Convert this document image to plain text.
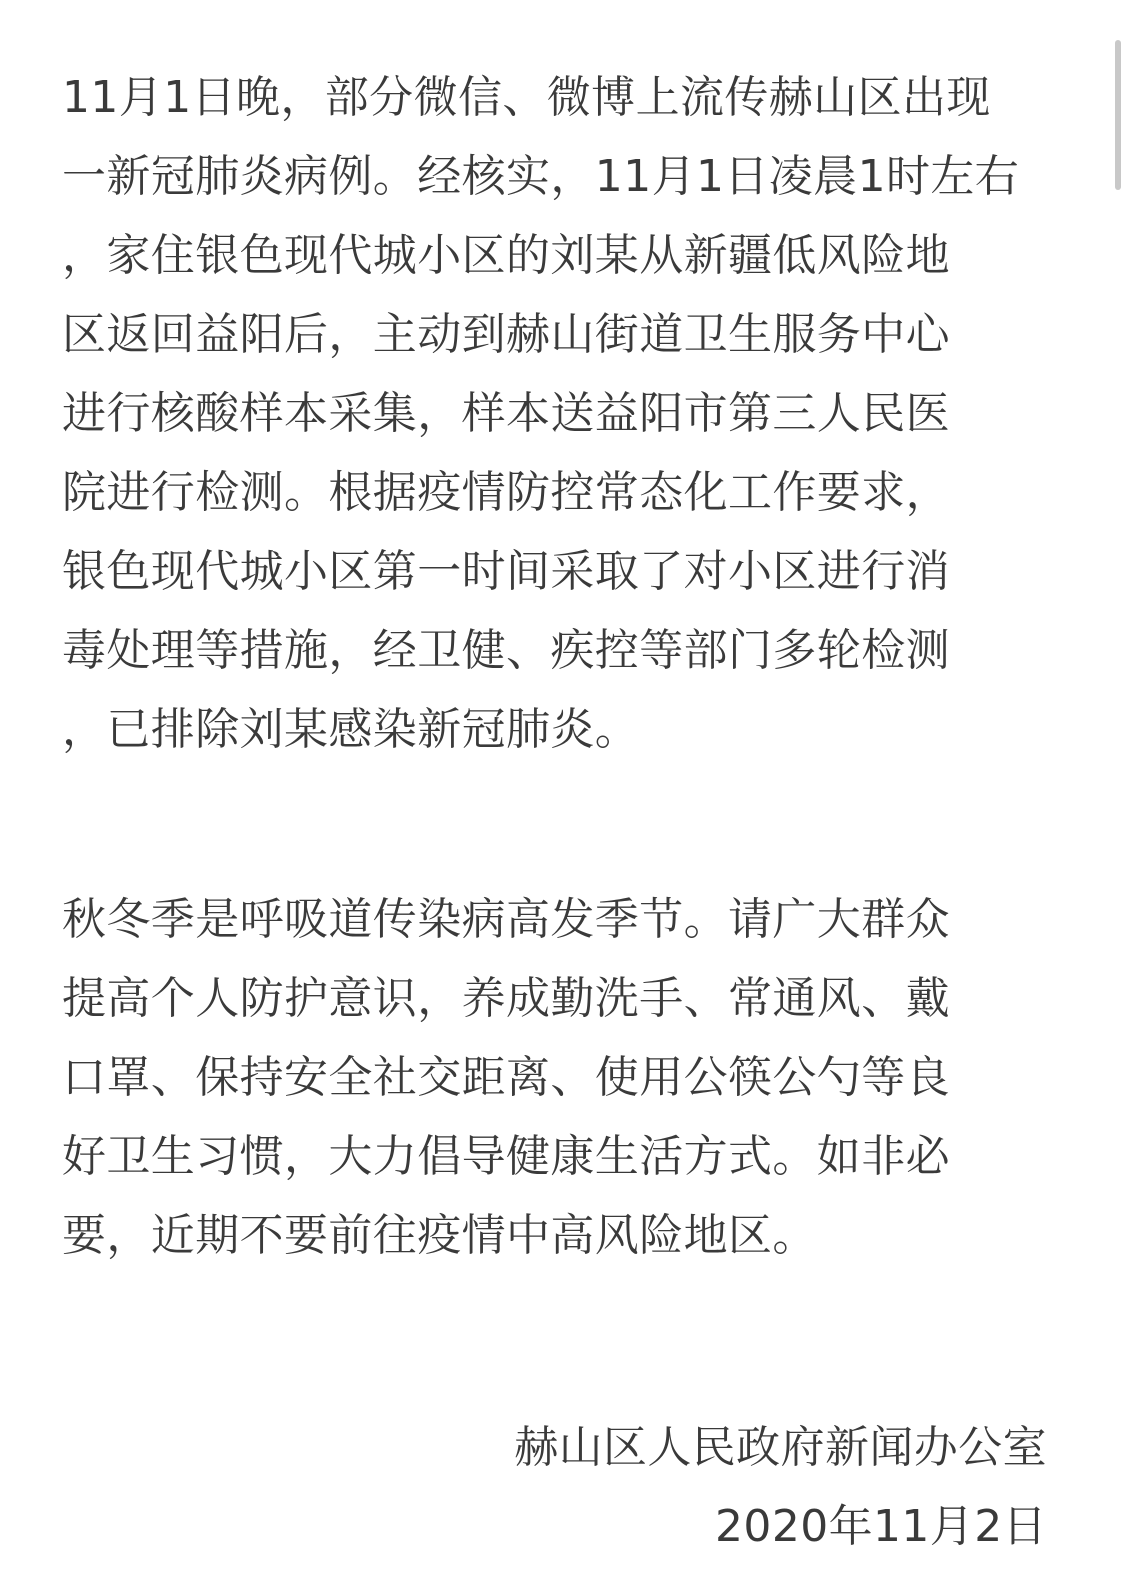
11月1日晚，部分微信、微博上流传赫山区出现
一新冠肺炎病例。经核实，11月1日凌晨1时左右
，家住银色现代城小区的刘某从新疆低风险地
区返回益阳后，主动到赫山街道卫生服务中心
进行核酸样本采集，样本送益阳市第三人民医
院进行检测。根据疫情防控常态化工作要求，
银色现代城小区第一时间采取了对小区进行消
毒处理等措施，经卫健、疾控等部门多轮检测
，已排除刘某感染新冠肺炎。
秋冬季是呼吸道传染病高发季节。请广大群众
提高个人防护意识，养成勤洗手、常通风、戴
口罩、保持安全社交距离、使用公筷公勺等良
好卫生习惯，大力倡导健康生活方式。如非必
要，近期不要前往疫情中高风险地区。
赫山区人民政府新闻办公室
2020年11月2日
